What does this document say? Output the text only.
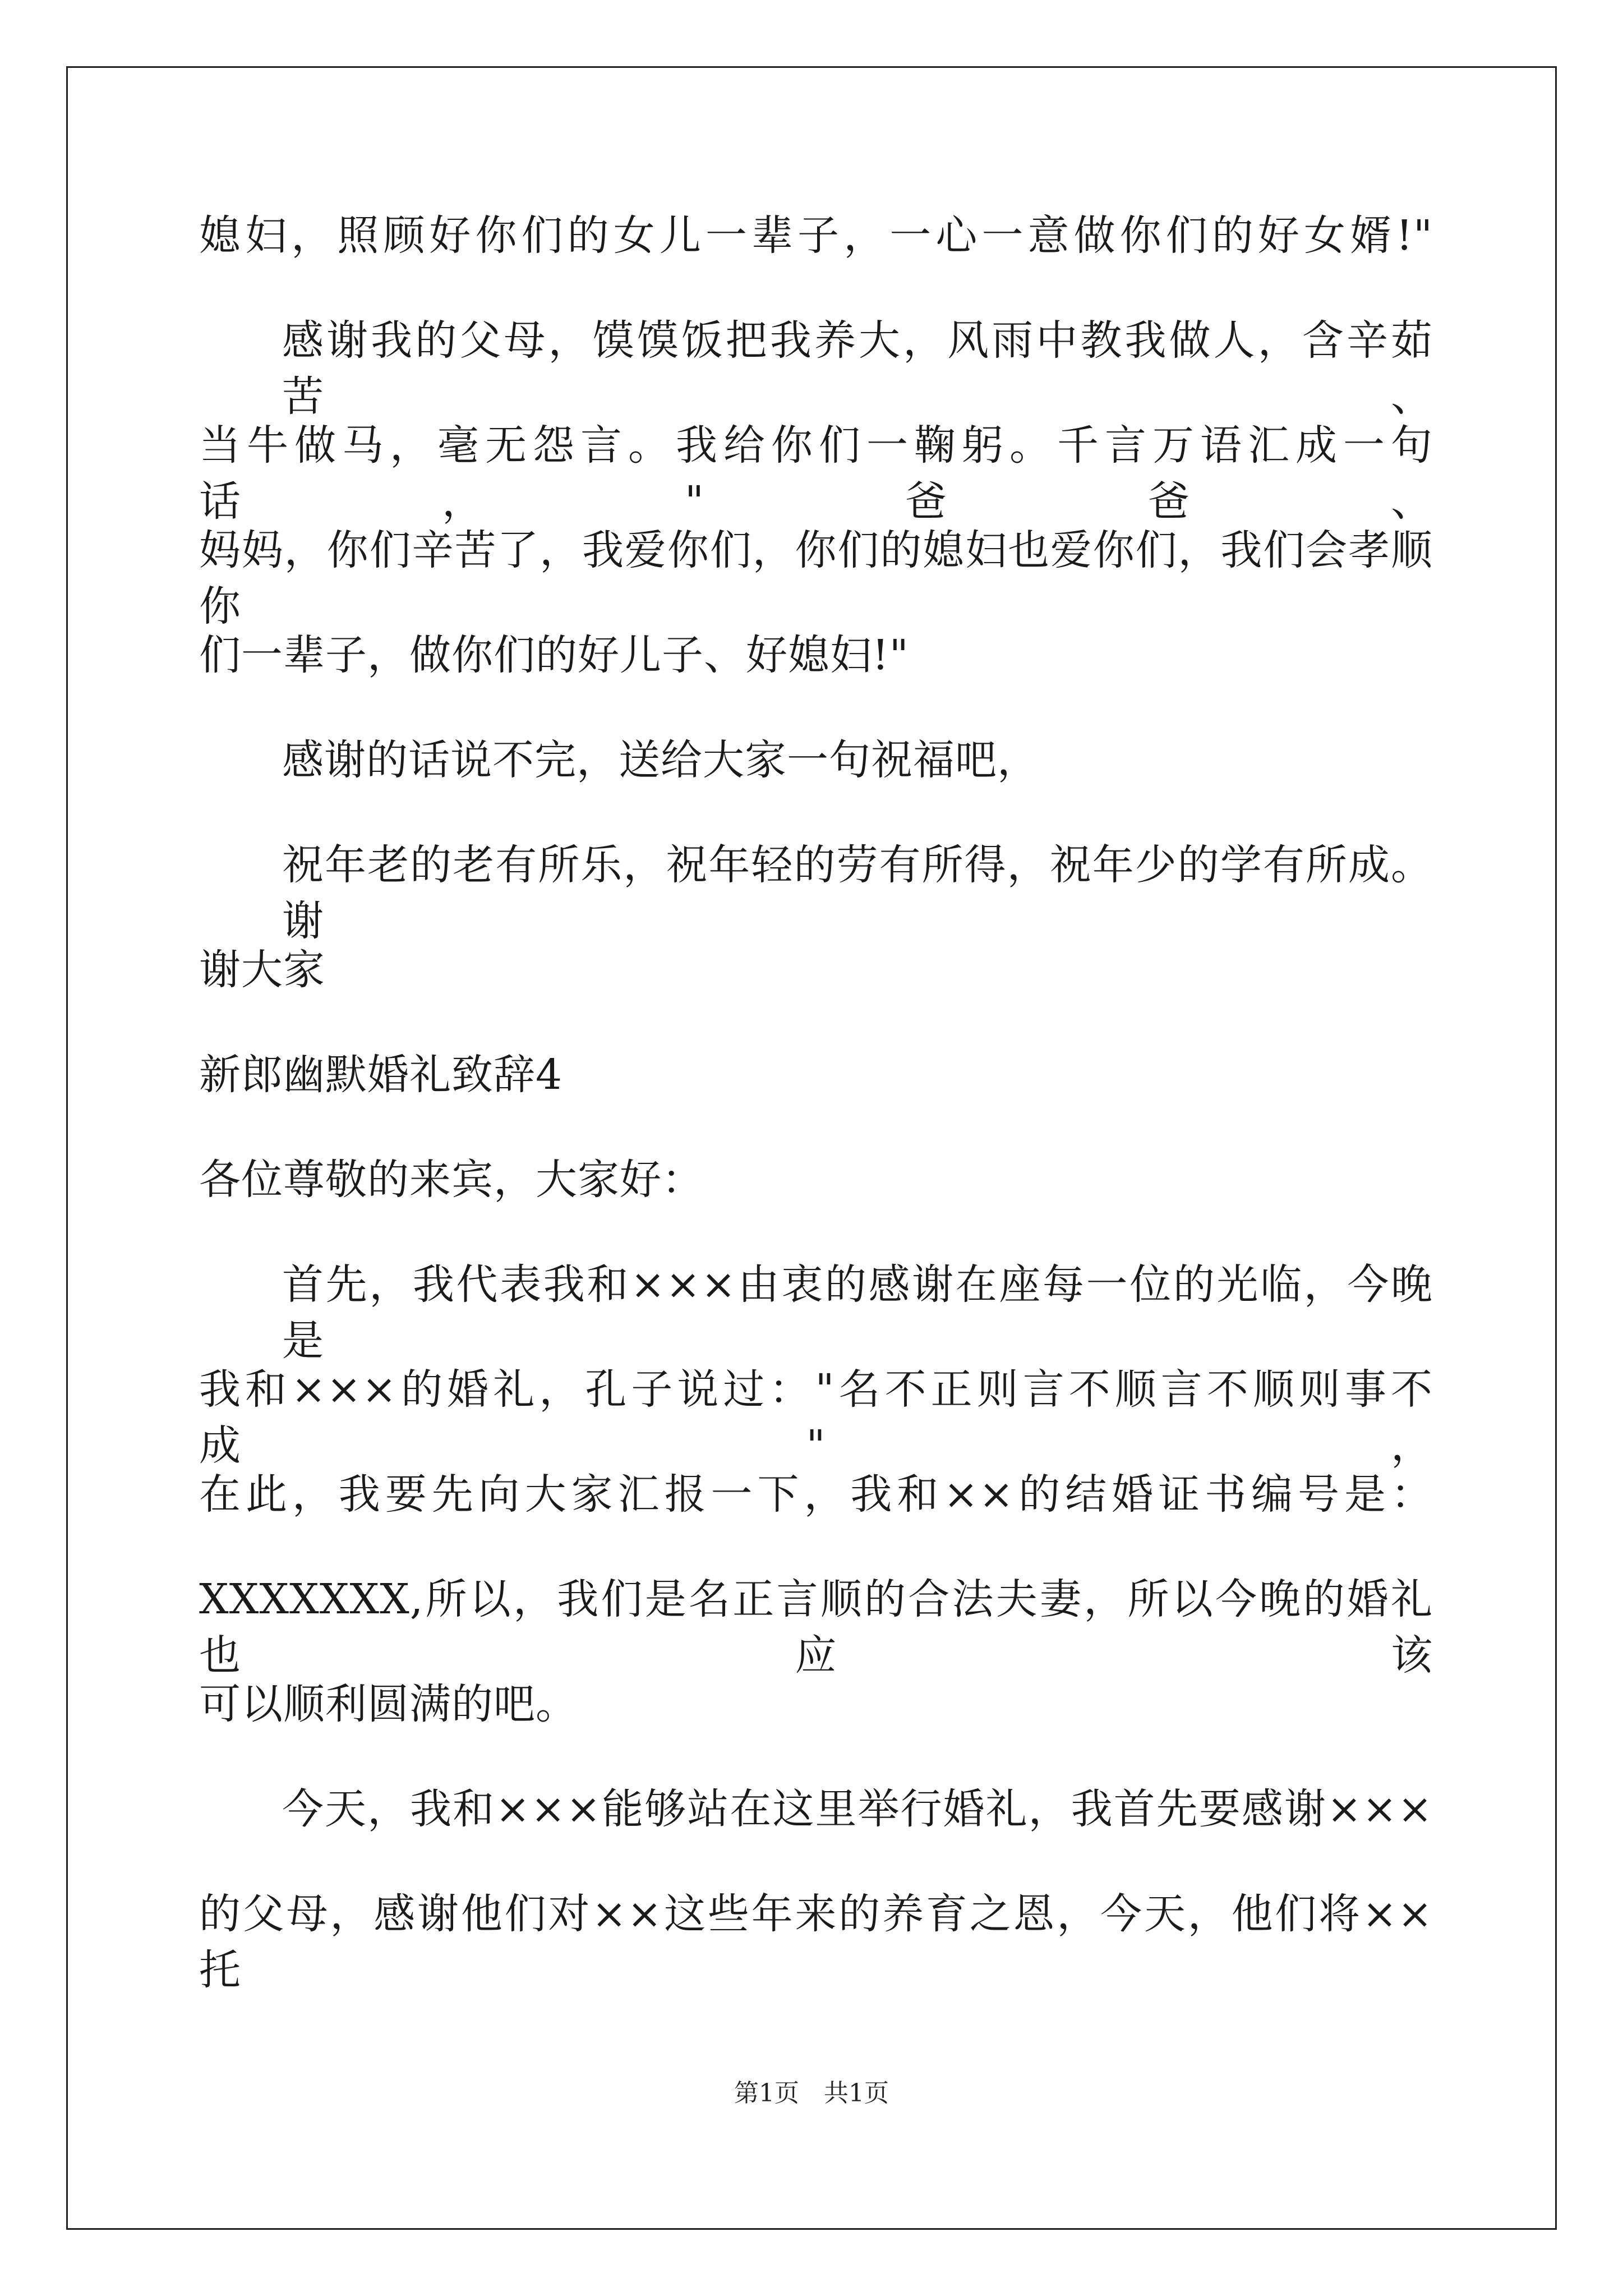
媳妇，照顾好你们的女儿一辈子，一心一意做你们的好女婿!"
感谢我的父母，馍馍饭把我养大，风雨中教我做人，含辛茹苦、
当牛做马，毫无怨言。我给你们一鞠躬。千言万语汇成一句话，"爸爸、
妈妈，你们辛苦了，我爱你们，你们的媳妇也爱你们，我们会孝顺你
们一辈子，做你们的好儿子、好媳妇!"
感谢的话说不完，送给大家一句祝福吧，
祝年老的老有所乐，祝年轻的劳有所得，祝年少的学有所成。谢
谢大家
新郎幽默婚礼致辞4
各位尊敬的来宾，大家好：
首先，我代表我和×××由衷的感谢在座每一位的光临，今晚是
我和×××的婚礼，孔子说过："名不正则言不顺言不顺则事不成"，
在此，我要先向大家汇报一下，我和××的结婚证书编号是：
XXXXXXX,所以，我们是名正言顺的合法夫妻，所以今晚的婚礼也应该
可以顺利圆满的吧。
今天，我和×××能够站在这里举行婚礼，我首先要感谢×××
的父母，感谢他们对××这些年来的养育之恩，今天，他们将××托
第1页　共1页
